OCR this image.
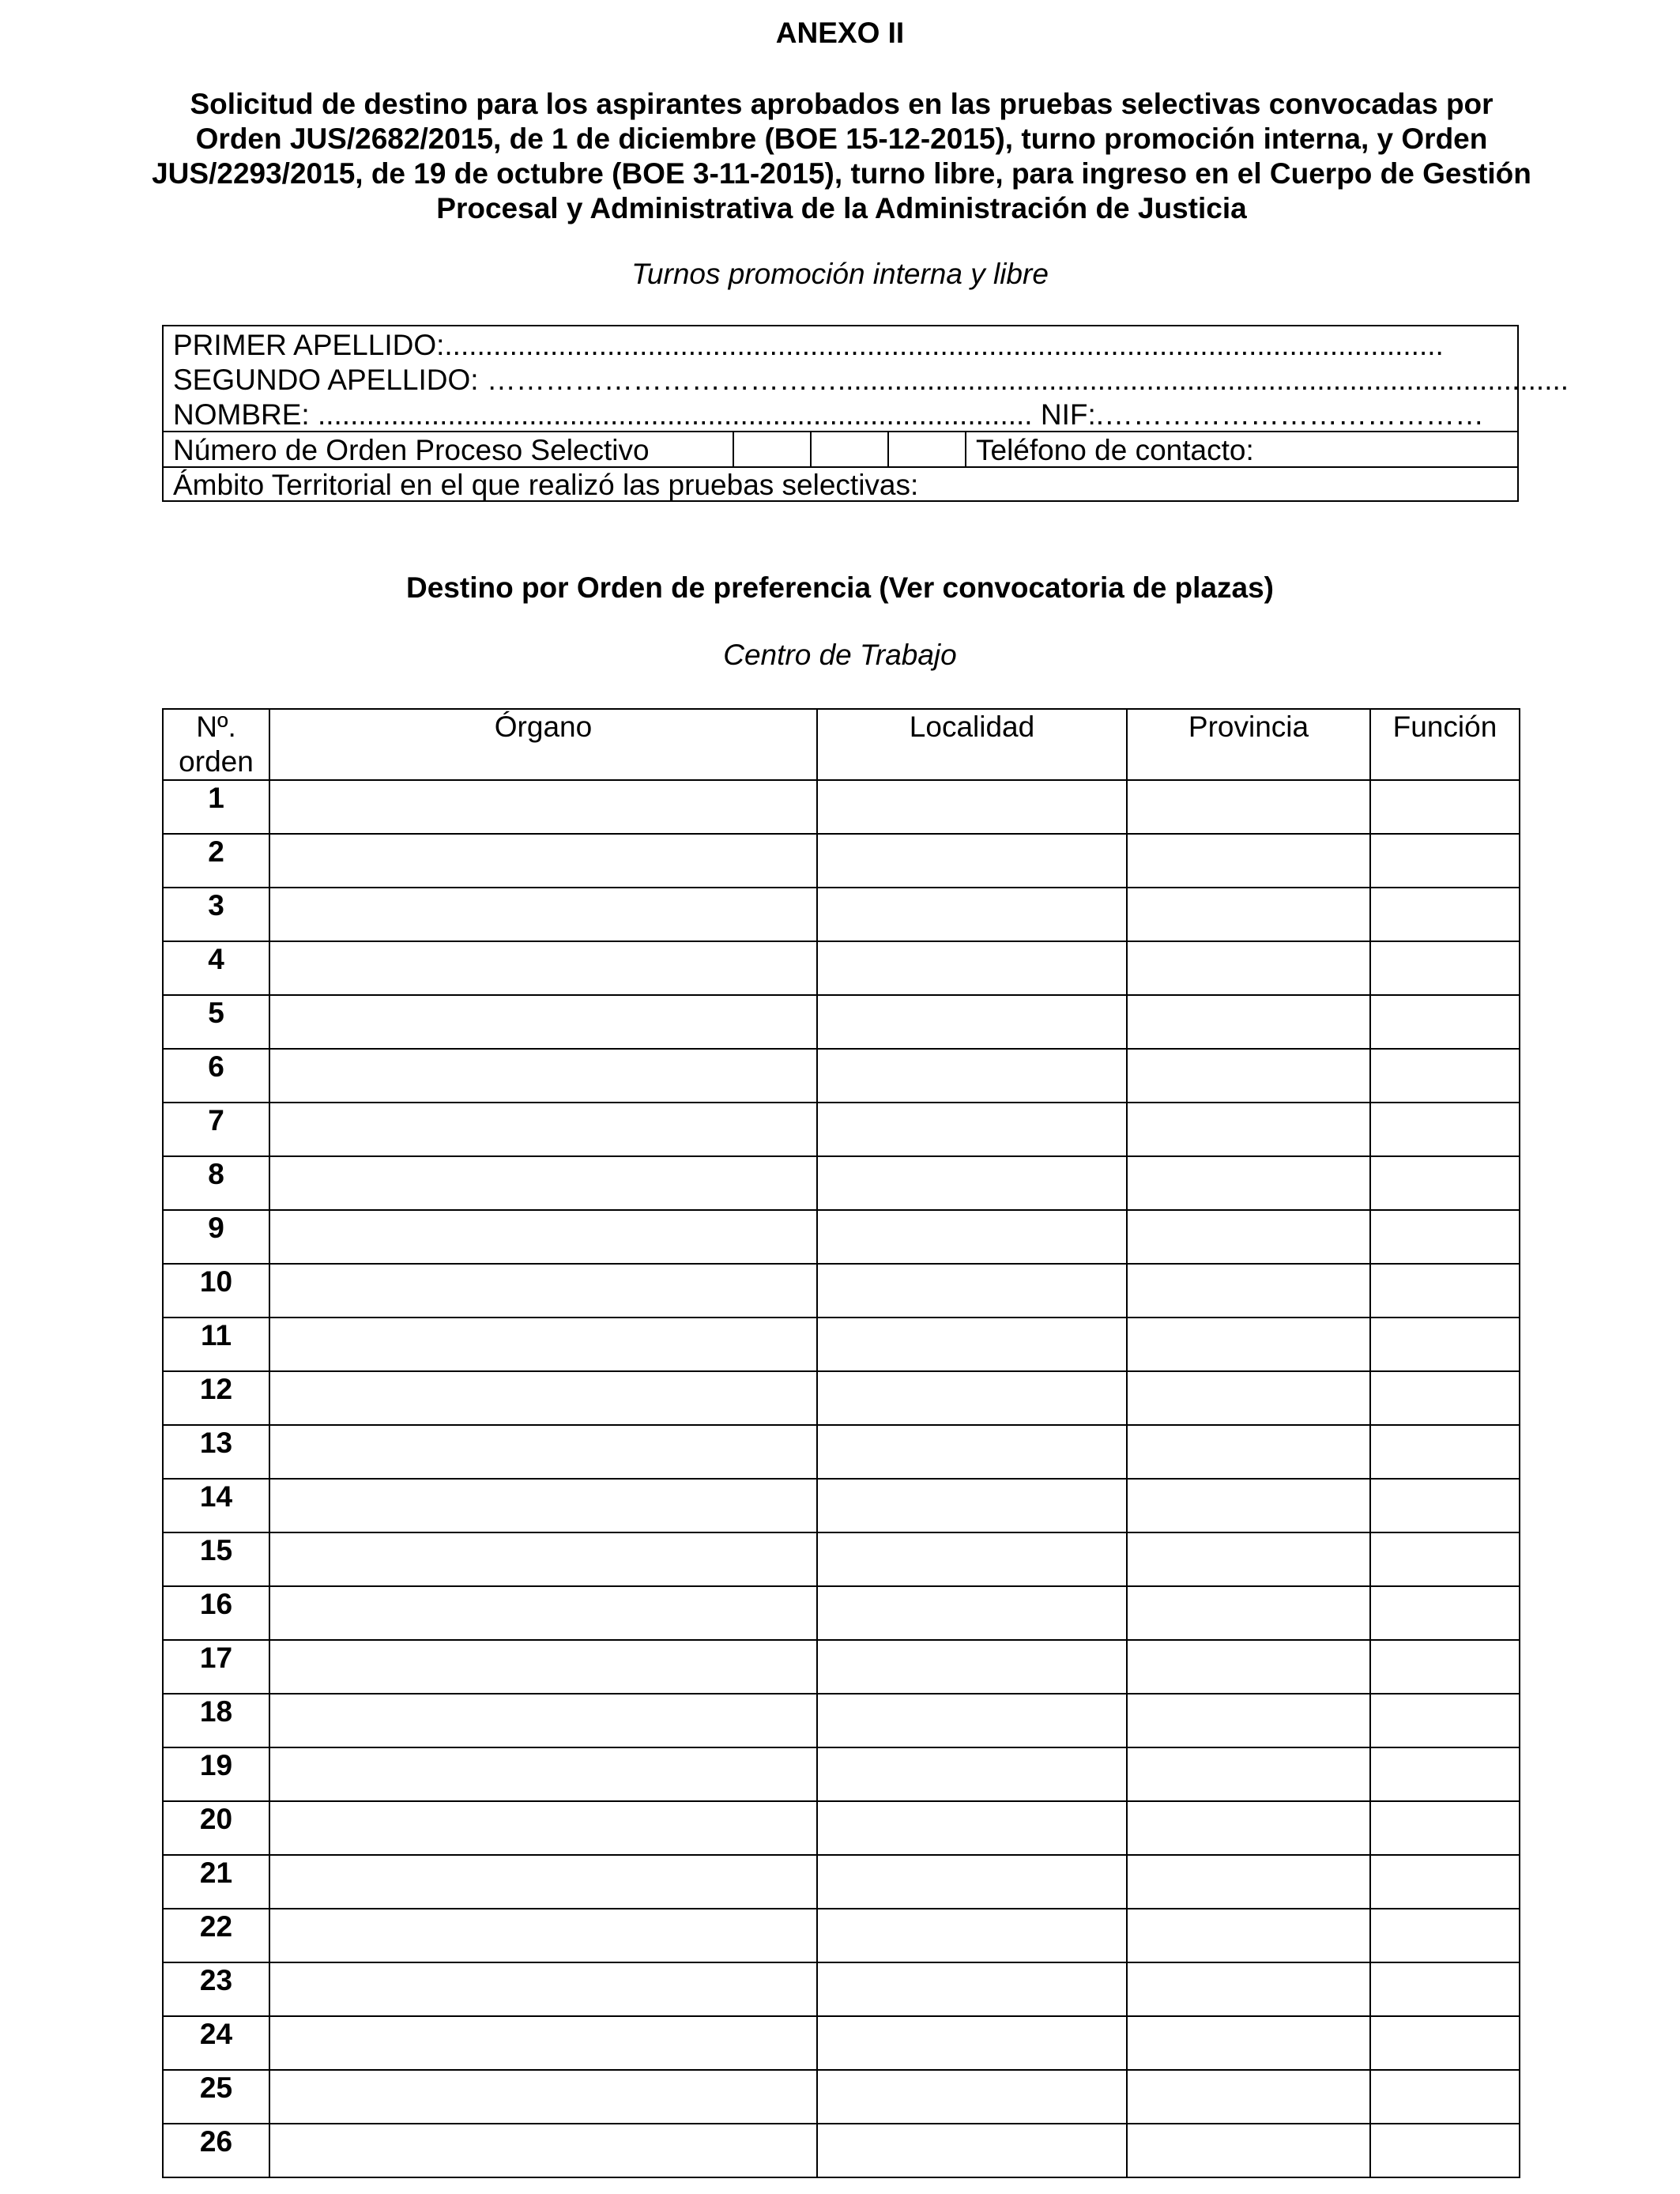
ANEXO II
Solicitud de destino para los aspirantes aprobados en las pruebas selectivas convocadas por Orden JUS/2682/2015, de 1 de diciembre (BOE 15-12-2015), turno promoción interna, y Orden JUS/2293/2015, de 19 de octubre (BOE 3-11-2015), turno libre, para ingreso en el Cuerpo de Gestión Procesal y Administrativa de la Administración de Justicia
Turnos promoción interna y libre
PRIMER APELLIDO:...........................................................................................................................
SEGUNDO APELLIDO: ………………………………..........................................................................................
NOMBRE: ........................................................................................ NIF:.…………………………………
Número de Orden Proceso Selectivo	Teléfono de contacto:
Ámbito Territorial en el que realizó las pruebas selectivas:
Destino por Orden de preferencia (Ver convocatoria de plazas)
Centro de Trabajo
Nº.
orden	Órgano	Localidad	Provincia	Función
1				
2				
3				
4				
5				
6				
7				
8				
9				
10				
11				
12				
13				
14				
15				
16				
17				
18				
19				
20				
21				
22				
23				
24				
25				
26				
